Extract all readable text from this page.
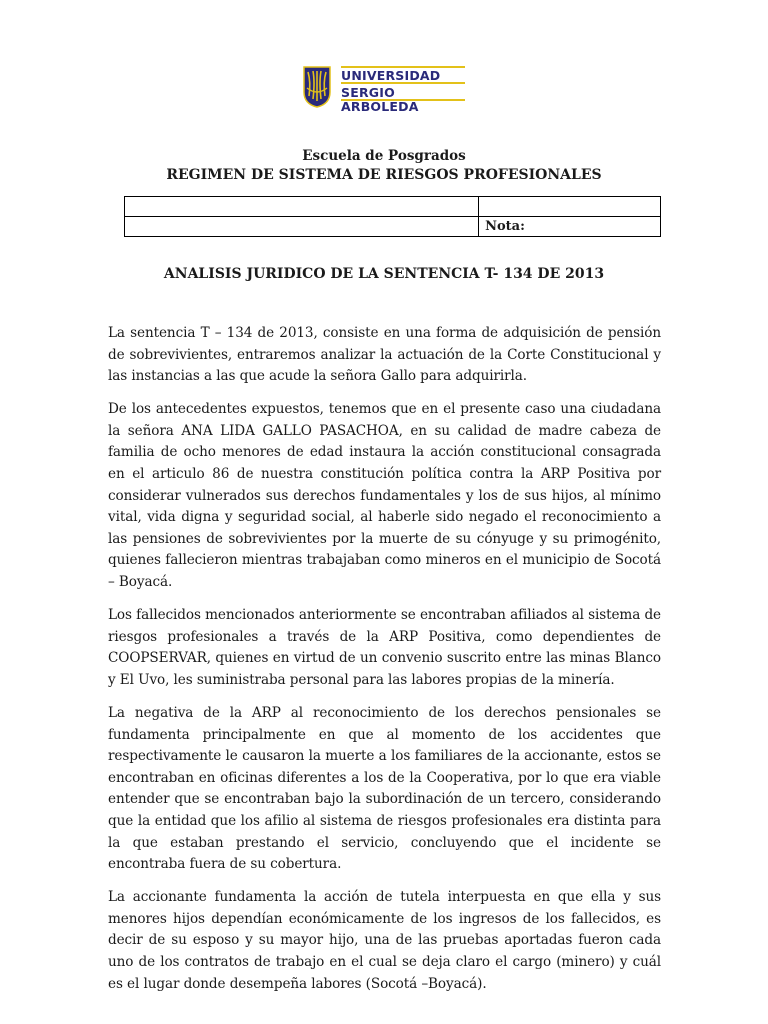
UNIVERSIDAD
SERGIO ARBOLEDA
Escuela de Posgrados
REGIMEN DE SISTEMA DE RIESGOS PROFESIONALES

	Nota:
ANALISIS JURIDICO DE LA SENTENCIA T- 134 DE 2013

La sentencia T – 134 de 2013, consiste en una forma de adquisición de pensión de sobrevivientes, entraremos analizar la actuación de la Corte Constitucional y las instancias a las que acude la señora Gallo para adquirirla.

De los antecedentes expuestos, tenemos que en el presente caso una ciudadana la señora ANA LIDA GALLO PASACHOA, en su calidad de madre cabeza de familia de ocho menores de edad instaura la acción constitucional consagrada en el articulo 86 de nuestra constitución política contra la ARP Positiva por considerar vulnerados sus derechos fundamentales y los de sus hijos, al mínimo vital, vida digna y seguridad social, al haberle sido negado el reconocimiento a las pensiones de sobrevivientes por la muerte de su cónyuge y su primogénito, quienes fallecieron mientras trabajaban como mineros en el municipio de Socotá – Boyacá.

Los fallecidos mencionados anteriormente se encontraban afiliados al sistema de riesgos profesionales a través de la ARP Positiva, como dependientes de COOPSERVAR, quienes en virtud de un convenio suscrito entre las minas Blanco y El Uvo, les suministraba personal para las labores propias de la minería.

La negativa de la ARP al reconocimiento de los derechos pensionales se fundamenta principalmente en que al momento de los accidentes que respectivamente le causaron la muerte a los familiares de la accionante, estos se encontraban en oficinas diferentes a los de la Cooperativa, por lo que era viable entender que se encontraban bajo la subordinación de un tercero, considerando que la entidad que los afilio al sistema de riesgos profesionales era distinta para la que estaban prestando el servicio, concluyendo que el incidente se encontraba fuera de su cobertura.

La accionante fundamenta la acción de tutela interpuesta en que ella y sus menores hijos dependían económicamente de los ingresos de los fallecidos, es decir de su esposo y su mayor hijo, una de las pruebas aportadas fueron cada uno de los contratos de trabajo en el cual se deja claro el cargo (minero) y cuál es el lugar donde desempeña labores (Socotá –Boyacá).
